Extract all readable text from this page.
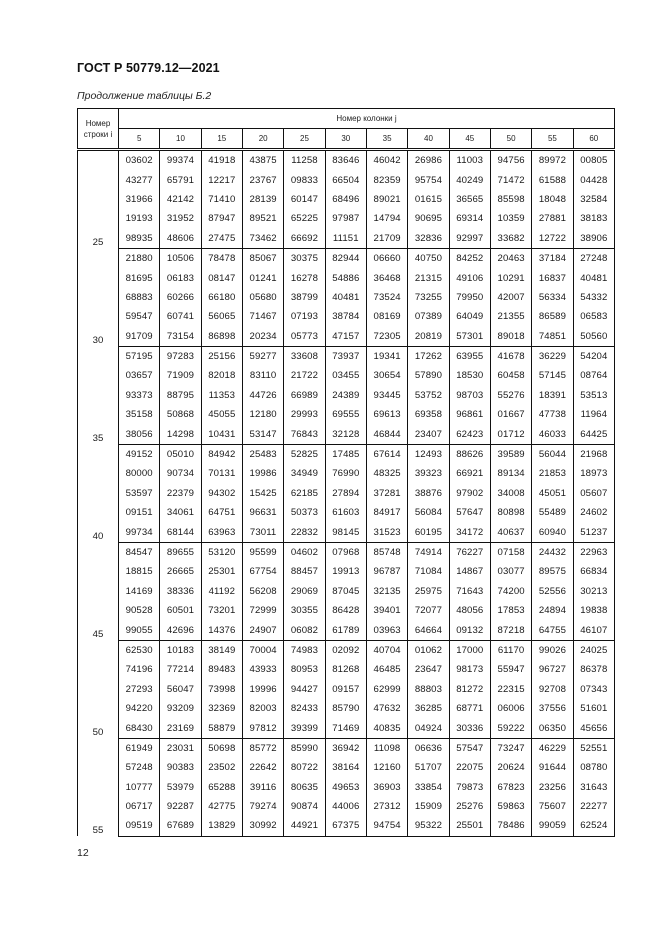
ГОСТ Р 50779.12—2021
Продолжение таблицы Б.2
Номер строки i	Номер колонки j											
	5	10	15	20	25	30	35	40	45	50	55	60
25	03602	99374	41918	43875	11258	83646	46042	26986	11003	94756	89972	00805
	43277	65791	12217	23767	09833	66504	82359	95754	40249	71472	61588	04428
	31966	42142	71410	28139	60147	68496	89021	01615	36565	85598	18048	32584
	19193	31952	87947	89521	65225	97987	14794	90695	69314	10359	27881	38183
	98935	48606	27475	73462	66692	11151	21709	32836	92997	33682	12722	38906
30	21880	10506	78478	85067	30375	82944	06660	40750	84252	20463	37184	27248
	81695	06183	08147	01241	16278	54886	36468	21315	49106	10291	16837	40481
	68883	60266	66180	05680	38799	40481	73524	73255	79950	42007	56334	54332
	59547	60741	56065	71467	07193	38784	08169	07389	64049	21355	86589	06583
	91709	73154	86898	20234	05773	47157	72305	20819	57301	89018	74851	50560
35	57195	97283	25156	59277	33608	73937	19341	17262	63955	41678	36229	54204
	03657	71909	82018	83110	21722	03455	30654	57890	18530	60458	57145	08764
	93373	88795	11353	44726	66989	24389	93445	53752	98703	55276	18391	53513
	35158	50868	45055	12180	29993	69555	69613	69358	96861	01667	47738	11964
	38056	14298	10431	53147	76843	32128	46844	23407	62423	01712	46033	64425
40	49152	05010	84942	25483	52825	17485	67614	12493	88626	39589	56044	21968
	80000	90734	70131	19986	34949	76990	48325	39323	66921	89134	21853	18973
	53597	22379	94302	15425	62185	27894	37281	38876	97902	34008	45051	05607
	09151	34061	64751	96631	50373	61603	84917	56084	57647	80898	55489	24602
	99734	68144	63963	73011	22832	98145	31523	60195	34172	40637	60940	51237
45	84547	89655	53120	95599	04602	07968	85748	74914	76227	07158	24432	22963
	18815	26665	25301	67754	88457	19913	96787	71084	14867	03077	89575	66834
	14169	38336	41192	56208	29069	87045	32135	25975	71643	74200	52556	30213
	90528	60501	73201	72999	30355	86428	39401	72077	48056	17853	24894	19838
	99055	42696	14376	24907	06082	61789	03963	64664	09132	87218	64755	46107
50	62530	10183	38149	70004	74983	02092	40704	01062	17000	61170	99026	24025
	74196	77214	89483	43933	80953	81268	46485	23647	98173	55947	96727	86378
	27293	56047	73998	19996	94427	09157	62999	88803	81272	22315	92708	07343
	94220	93209	32369	82003	82433	85790	47632	36285	68771	06006	37556	51601
	68430	23169	58879	97812	39399	71469	40835	04924	30336	59222	06350	45656
55	61949	23031	50698	85772	85990	36942	11098	06636	57547	73247	46229	52551
	57248	90383	23502	22642	80722	38164	12160	51707	22075	20624	91644	08780
	10777	53979	65288	39116	80635	49653	36903	33854	79873	67823	23256	31643
	06717	92287	42775	79274	90874	44006	27312	15909	25276	59863	75607	22277
	09519	67689	13829	30992	44921	67375	94754	95322	25501	78486	99059	62524
12
